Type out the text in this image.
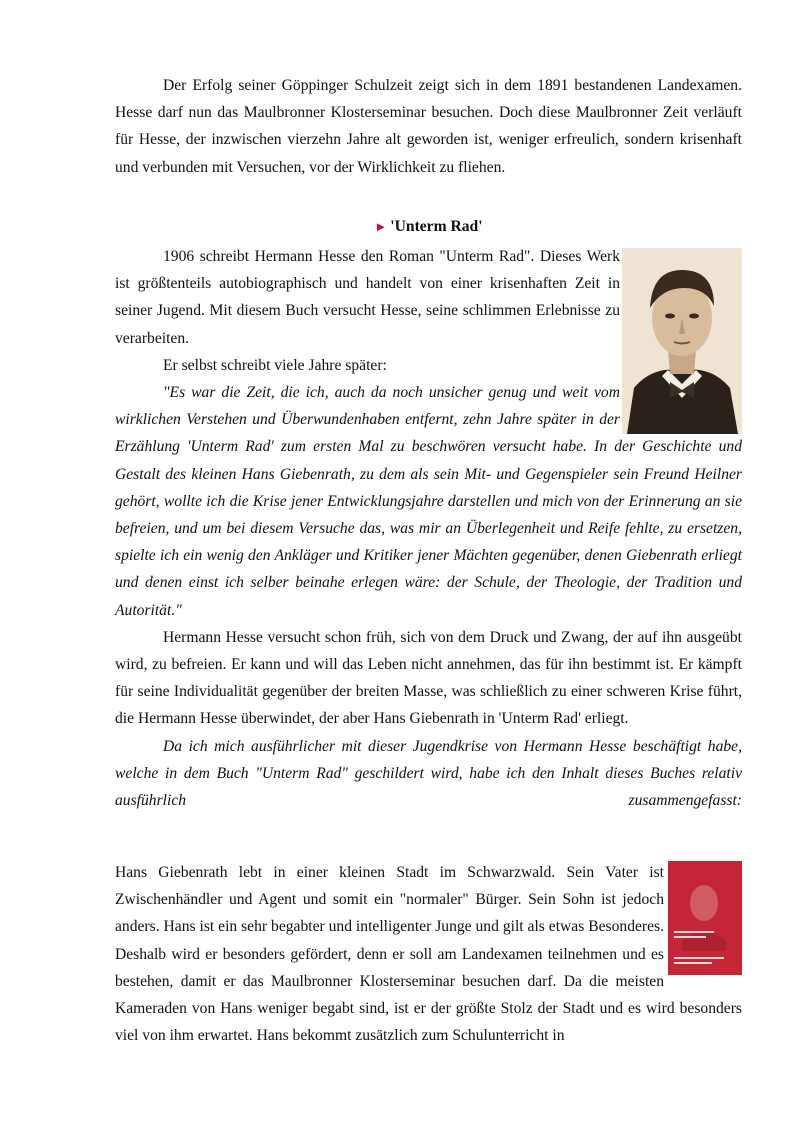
Der Erfolg seiner Göppinger Schulzeit zeigt sich in dem 1891 bestandenen Landexamen. Hesse darf nun das Maulbronner Klosterseminar besuchen. Doch diese Maulbronner Zeit verläuft für Hesse, der inzwischen vierzehn Jahre alt geworden ist, weniger erfreulich, sondern krisenhaft und verbunden mit Versuchen, vor der Wirklichkeit zu fliehen.

► 'Unterm Rad'

1906 schreibt Hermann Hesse den Roman "Unterm Rad". Dieses Werk ist größtenteils autobiographisch und handelt von einer krisenhaften Zeit in seiner Jugend. Mit diesem Buch versucht Hesse, seine schlimmen Erlebnisse zu verarbeiten.
Er selbst schreibt viele Jahre später:
"Es war die Zeit, die ich, auch da noch unsicher genug und weit vom wirklichen Verstehen und Überwundenhaben entfernt, zehn Jahre später in der Erzählung 'Unterm Rad' zum ersten Mal zu beschwören versucht habe. In der Geschichte und Gestalt des kleinen Hans Giebenrath, zu dem als sein Mit- und Gegenspieler sein Freund Heilner gehört, wollte ich die Krise jener Entwicklungsjahre darstellen und mich von der Erinnerung an sie befreien, und um bei diesem Versuche das, was mir an Überlegenheit und Reife fehlte, zu ersetzen, spielte ich ein wenig den Ankläger und Kritiker jener Mächten gegenüber, denen Giebenrath erliegt und denen einst ich selber beinahe erlegen wäre: der Schule, der Theologie, der Tradition und Autorität."
Hermann Hesse versucht schon früh, sich von dem Druck und Zwang, der auf ihn ausgeübt wird, zu befreien. Er kann und will das Leben nicht annehmen, das für ihn bestimmt ist. Er kämpft für seine Individualität gegenüber der breiten Masse, was schließlich zu einer schweren Krise führt, die Hermann Hesse überwindet, der aber Hans Giebenrath in 'Unterm Rad' erliegt.
Da ich mich ausführlicher mit dieser Jugendkrise von Hermann Hesse beschäftigt habe, welche in dem Buch "Unterm Rad" geschildert wird, habe ich den Inhalt dieses Buches relativ ausführlich zusammengefasst:
Hans Giebenrath lebt in einer kleinen Stadt im Schwarzwald. Sein Vater ist Zwischenhändler und Agent und somit ein "normaler" Bürger. Sein Sohn ist jedoch anders. Hans ist ein sehr begabter und intelligenter Junge und gilt als etwas Besonderes. Deshalb wird er besonders gefördert, denn er soll am Landexamen teilnehmen und es bestehen, damit er das Maulbronner Klosterseminar besuchen darf. Da die meisten Kameraden von Hans weniger begabt sind, ist er der größte Stolz der Stadt und es wird besonders viel von ihm erwartet. Hans bekommt zusätzlich zum Schulunterricht in
